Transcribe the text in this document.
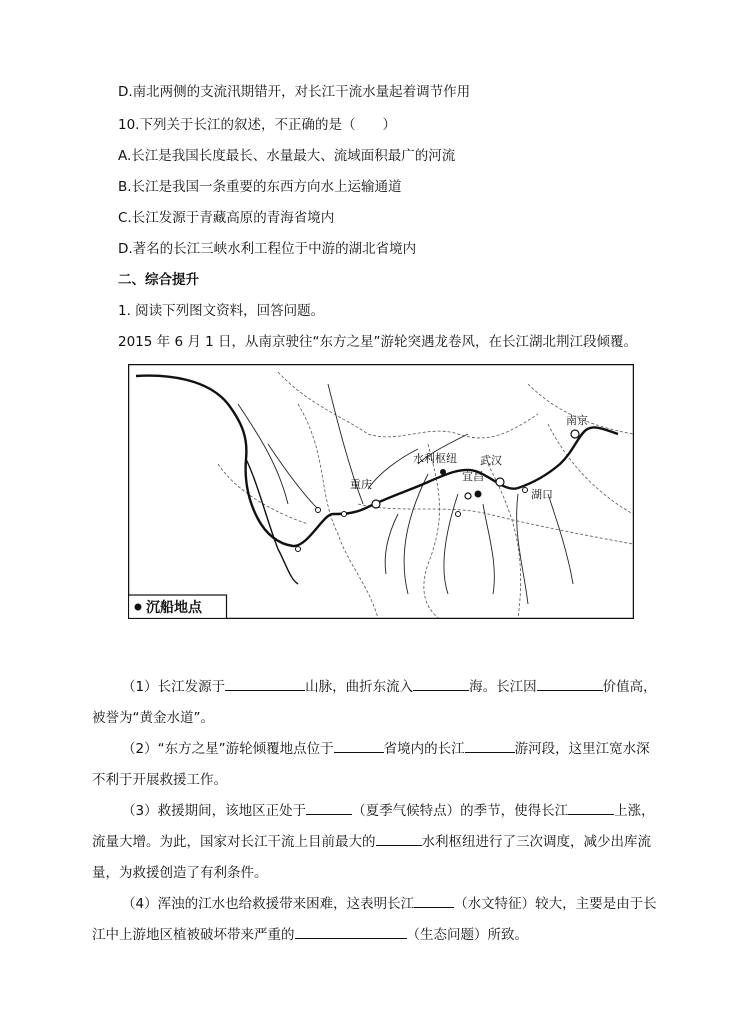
D.南北两侧的支流汛期错开，对长江干流水量起着调节作用
10.下列关于长江的叙述，不正确的是（　　）
A.长江是我国长度最长、水量最大、流域面积最广的河流
B.长江是我国一条重要的东西方向水上运输通道
C.长江发源于青藏高原的青海省境内
D.著名的长江三峡水利工程位于中游的湖北省境内
二、综合提升
1. 阅读下列图文资料，回答问题。
2015 年 6 月 1 日，从南京驶往“东方之星”游轮突遇龙卷风，在长江湖北荆江段倾覆。
南京
水利枢纽 武汉
宜昌
重庆
湖口
沉船地点
（1）长江发源于	山脉，曲折东流入	海。长江因	价值高，被誉为“黄金水道”。
（2）“东方之星”游轮倾覆地点位于	省境内的长江	游河段，这里江宽水深不利于开展救援工作。
（3）救援期间，该地区正处于	（夏季气候特点）的季节，使得长江	上涨，流量大增。为此，国家对长江干流上目前最大的	水利枢纽进行了三次调度，减少出库流量，为救援创造了有利条件。
（4）浑浊的江水也给救援带来困难，这表明长江	（水文特征）较大，主要是由于长江中上游地区植被破坏带来严重的	（生态问题）所致。
